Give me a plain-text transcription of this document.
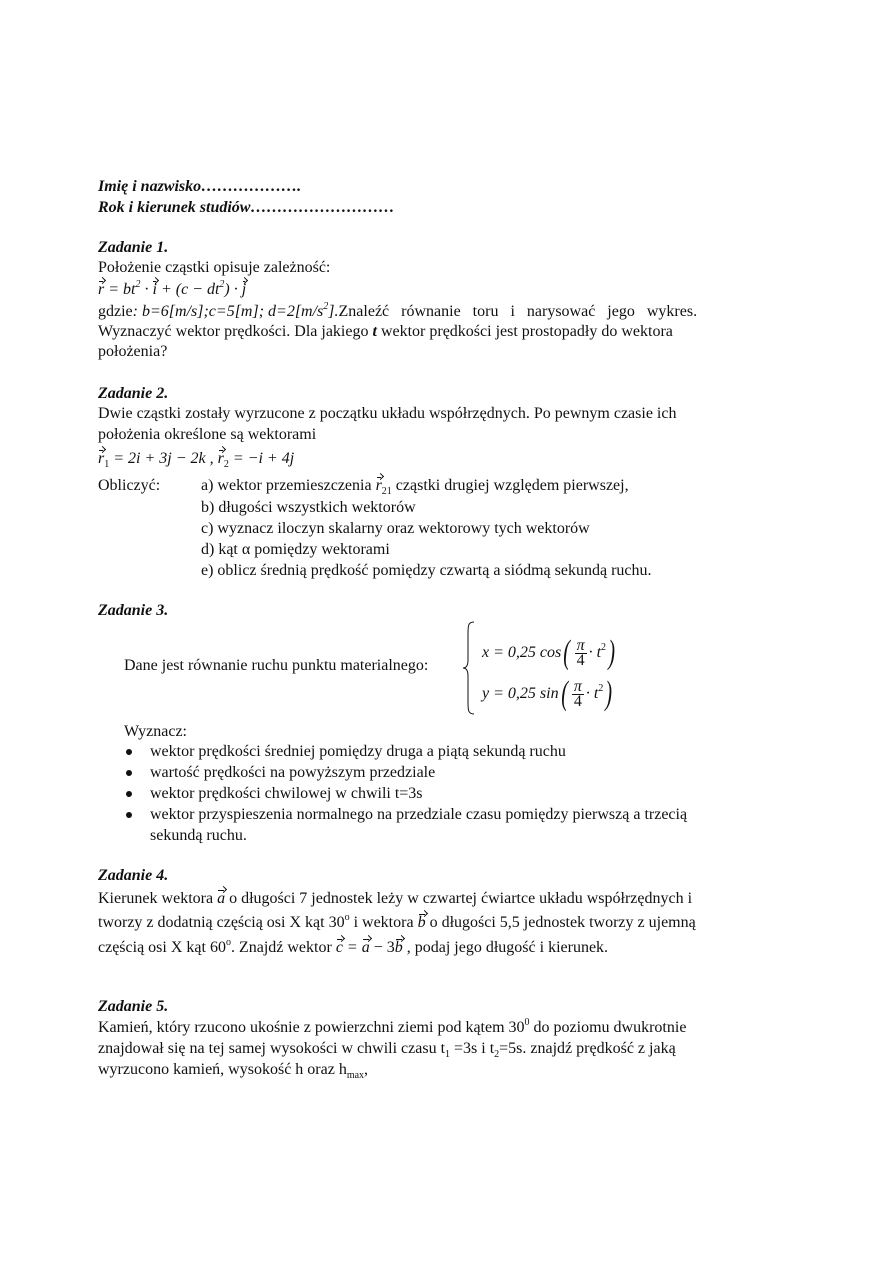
Imię i nazwisko……………….
Rok i kierunek studiów………………………
Zadanie 1.
Położenie cząstki opisuje zależność:
$r = bt^2 \cdot i + (c - dt^2) \cdot j$
gdzie: b=6[m/s];c=5[m]; $d=2[m/s^2].Znaleźć$   równanie   toru   i   narysować   jego   wykres.
Wyznaczyć wektor prędkości. Dla jakiego t wektor prędkości jest prostopadły do wektora
położenia?
Zadanie 2.
Dwie cząstki zostały wyrzucone z początku układu współrzędnych. Po pewnym czasie ich
położenia określone są wektorami
$r_1 = 2i + 3j - 2k$ , $r_2 = -i + 4j$
Obliczyć:	a) wektor przemieszczenia $r_{21}$ cząstki drugiej względem pierwszej,
b) długości wszystkich wektorów
c) wyznacz iloczyn skalarny oraz wektorowy tych wektorów
d) kąt α pomiędzy wektorami
e) oblicz średnią prędkość pomiędzy czwartą a siódmą sekundą ruchu.
Zadanie 3.
Dane jest równanie ruchu punktu materialnego:
x = 0,25 $\cos( \frac{\pi}{4} \cdot t^2)$
y = 0,25 $\sin( \frac{\pi}{4} \cdot t^2)$
Wyznacz:
wektor prędkości średniej pomiędzy druga a piątą sekundą ruchu
wartość prędkości na powyższym przedziale
wektor prędkości chwilowej w chwili t=3s
wektor przyspieszenia normalnego na przedziale czasu pomiędzy pierwszą a trzecią
sekundą ruchu.
Zadanie 4.
Kierunek wektora a o długości 7 jednostek leży w czwartej ćwiartce układu współrzędnych i
tworzy z dodatnią częścią osi X kąt 30$^o$ i wektora b o długości 5,5 jednostek tworzy z ujemną
częścią osi X kąt 60$^o$. Znajdź wektor c = a − 3b , podaj jego długość i kierunek.
Zadanie 5.
Kamień, który rzucono ukośnie z powierzchni ziemi pod kątem $30^0$ do poziomu dwukrotnie
znajdował się na tej samej wysokości w chwili czasu $t_1 =3s$ i $t_2=5s$. znajdź prędkość z jaką
wyrzucono kamień, wysokość h oraz $h_{max}$,
